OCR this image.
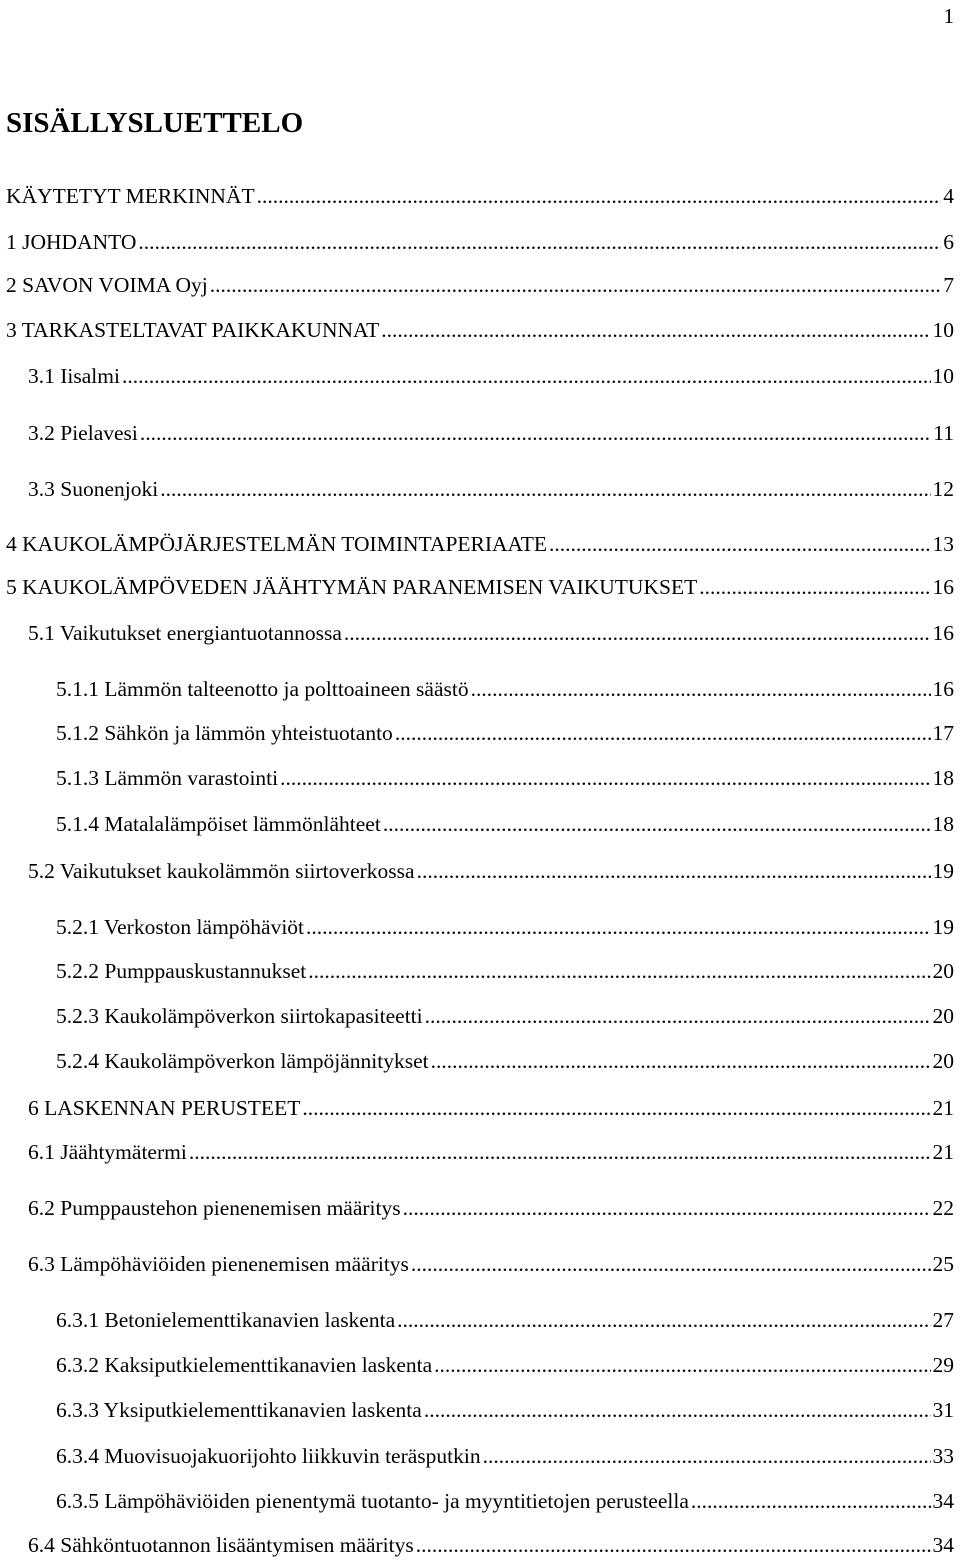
1
SISÄLLYSLUETTELO
KÄYTETYT MERKINNÄT .....	4
1 JOHDANTO .....	6
2 SAVON VOIMA Oyj .....	7
3 TARKASTELTAVAT PAIKKAKUNNAT .....	10
3.1 Iisalmi .....	10
3.2 Pielavesi .....	11
3.3 Suonenjoki .....	12
4 KAUKOLÄMPÖJÄRJESTELMÄN TOIMINTAPERIAATE .....	13
5 KAUKOLÄMPÖVEDEN JÄÄHTYMÄN PARANEMISEN VAIKUTUKSET .....	16
5.1 Vaikutukset energiantuotannossa .....	16
5.1.1 Lämmön talteenotto ja polttoaineen säästö .....	16
5.1.2 Sähkön ja lämmön yhteistuotanto .....	17
5.1.3 Lämmön varastointi .....	18
5.1.4 Matalalämpöiset lämmönlähteet .....	18
5.2 Vaikutukset kaukolämmön siirtoverkossa .....	19
5.2.1 Verkoston lämpöhäviöt .....	19
5.2.2 Pumppauskustannukset .....	20
5.2.3 Kaukolämpöverkon siirtokapasiteetti .....	20
5.2.4 Kaukolämpöverkon lämpöjännitykset .....	20
6 LASKENNAN PERUSTEET .....	21
6.1 Jäähtymätermi .....	21
6.2 Pumppaustehon pienenemisen määritys .....	22
6.3 Lämpöhäviöiden pienenemisen määritys .....	25
6.3.1 Betonielementtikanavien laskenta .....	27
6.3.2 Kaksiputkielementtikanavien laskenta .....	29
6.3.3 Yksiputkielementtikanavien laskenta .....	31
6.3.4 Muovisuojakuorijohto liikkuvin teräsputkin .....	33
6.3.5 Lämpöhäviöiden pienentymä tuotanto- ja myyntitietojen perusteella .....	34
6.4 Sähköntuotannon lisääntymisen määritys .....	34
